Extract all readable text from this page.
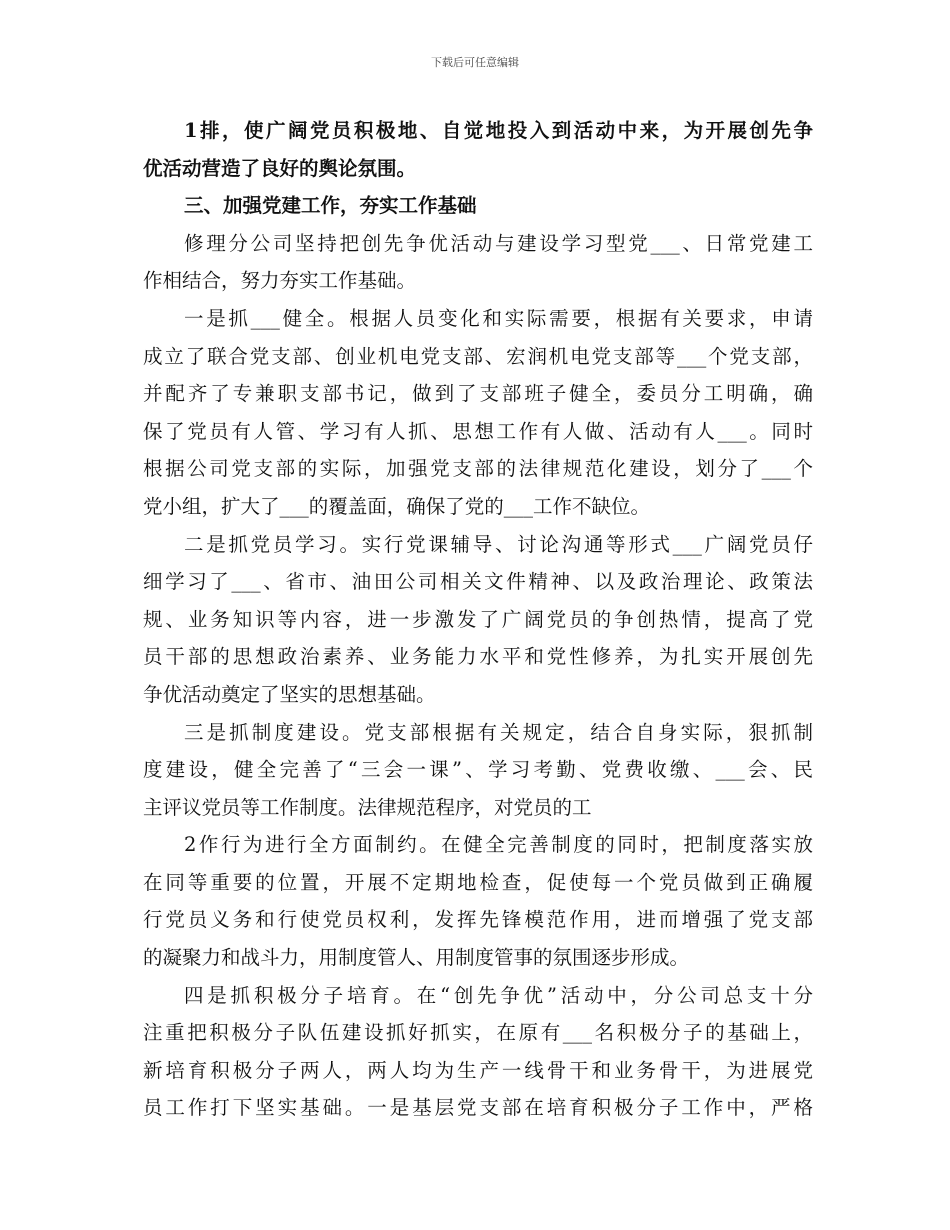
下载后可任意编辑
1排，使广阔党员积极地、自觉地投入到活动中来，为开展创先争
优活动营造了良好的舆论氛围。
三、加强党建工作，夯实工作基础
修理分公司坚持把创先争优活动与建设学习型党___、日常党建工
作相结合，努力夯实工作基础。
一是抓___健全。根据人员变化和实际需要，根据有关要求，申请
成立了联合党支部、创业机电党支部、宏润机电党支部等___个党支部，
并配齐了专兼职支部书记，做到了支部班子健全，委员分工明确，确
保了党员有人管、学习有人抓、思想工作有人做、活动有人___。同时
根据公司党支部的实际，加强党支部的法律规范化建设，划分了___个
党小组，扩大了___的覆盖面，确保了党的___工作不缺位。
二是抓党员学习。实行党课辅导、讨论沟通等形式___广阔党员仔
细学习了___、省市、油田公司相关文件精神、以及政治理论、政策法
规、业务知识等内容，进一步激发了广阔党员的争创热情，提高了党
员干部的思想政治素养、业务能力水平和党性修养，为扎实开展创先
争优活动奠定了坚实的思想基础。
三是抓制度建设。党支部根据有关规定，结合自身实际，狠抓制
度建设，健全完善了“三会一课”、学习考勤、党费收缴、___会、民
主评议党员等工作制度。法律规范程序，对党员的工
2作行为进行全方面制约。在健全完善制度的同时，把制度落实放
在同等重要的位置，开展不定期地检查，促使每一个党员做到正确履
行党员义务和行使党员权利，发挥先锋模范作用，进而增强了党支部
的凝聚力和战斗力，用制度管人、用制度管事的氛围逐步形成。
四是抓积极分子培育。在“创先争优”活动中，分公司总支十分
注重把积极分子队伍建设抓好抓实，在原有___名积极分子的基础上，
新培育积极分子两人，两人均为生产一线骨干和业务骨干，为进展党
员工作打下坚实基础。一是基层党支部在培育积极分子工作中，严格
